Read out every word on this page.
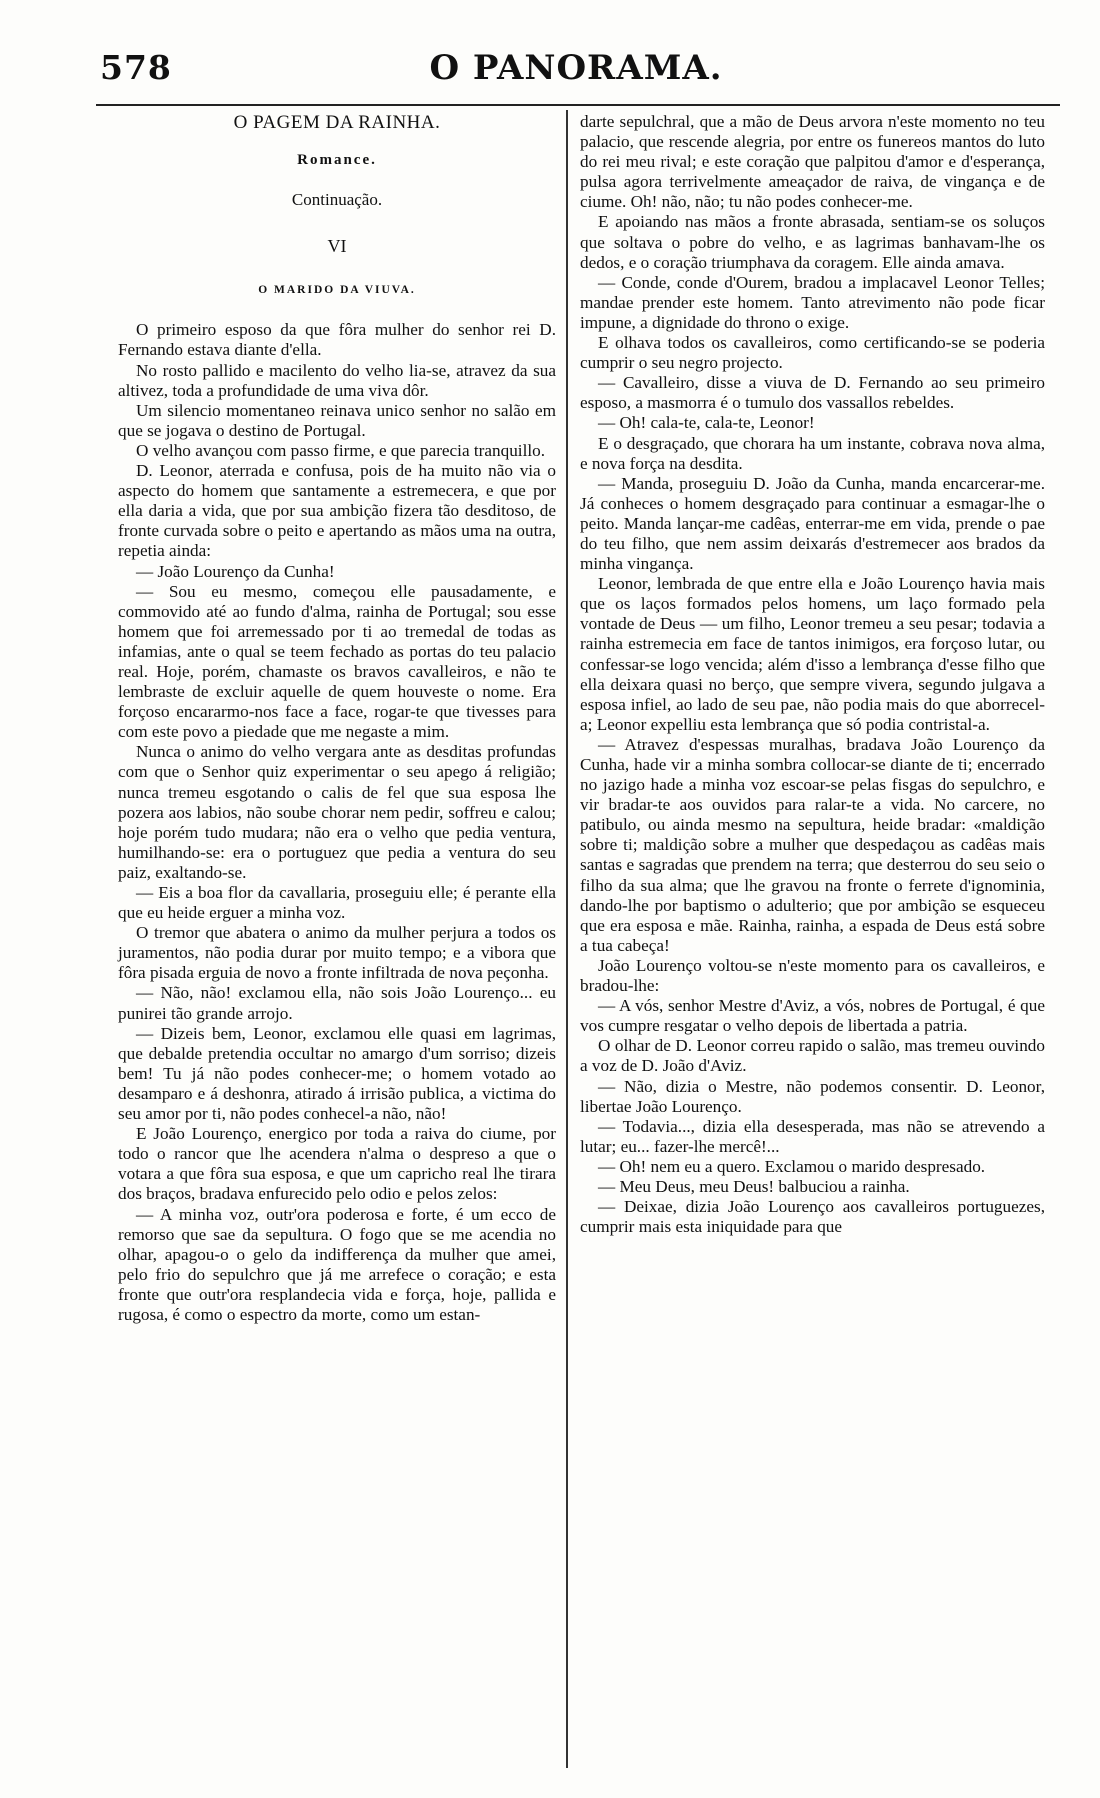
578	O PANORAMA.
O PAGEM DA RAINHA.
Romance.
Continuação.
VI
O MARIDO DA VIUVA.

O primeiro esposo da que fôra mulher do senhor rei D. Fernando estava diante d'ella.

No rosto pallido e macilento do velho lia-se, atravez da sua altivez, toda a profundidade de uma viva dôr.

Um silencio momentaneo reinava unico senhor no salão em que se jogava o destino de Portugal.

O velho avançou com passo firme, e que parecia tranquillo.

D. Leonor, aterrada e confusa, pois de ha muito não via o aspecto do homem que santamente a estremecera, e que por ella daria a vida, que por sua ambição fizera tão desditoso, de fronte curvada sobre o peito e apertando as mãos uma na outra, repetia ainda:

— João Lourenço da Cunha!

— Sou eu mesmo, começou elle pausadamente, e commovido até ao fundo d'alma, rainha de Portugal; sou esse homem que foi arremessado por ti ao tremedal de todas as infamias, ante o qual se teem fechado as portas do teu palacio real. Hoje, porém, chamaste os bravos cavalleiros, e não te lembraste de excluir aquelle de quem houveste o nome. Era forçoso encararmo-nos face a face, rogar-te que tivesses para com este povo a piedade que me negaste a mim.

Nunca o animo do velho vergara ante as desditas profundas com que o Senhor quiz experimentar o seu apego á religião; nunca tremeu esgotando o calis de fel que sua esposa lhe pozera aos labios, não soube chorar nem pedir, soffreu e calou; hoje porém tudo mudara; não era o velho que pedia ventura, humilhando-se: era o portuguez que pedia a ventura do seu paiz, exaltando-se.

— Eis a boa flor da cavallaria, proseguiu elle; é perante ella que eu heide erguer a minha voz.

O tremor que abatera o animo da mulher perjura a todos os juramentos, não podia durar por muito tempo; e a vibora que fôra pisada erguia de novo a fronte infiltrada de nova peçonha.

— Não, não! exclamou ella, não sois João Lourenço... eu punirei tão grande arrojo.

— Dizeis bem, Leonor, exclamou elle quasi em lagrimas, que debalde pretendia occultar no amargo d'um sorriso; dizeis bem! Tu já não podes conhecer-me; o homem votado ao desamparo e á deshonra, atirado á irrisão publica, a victima do seu amor por ti, não podes conhecel-a não, não!

E João Lourenço, energico por toda a raiva do ciume, por todo o rancor que lhe acendera n'alma o despreso a que o votara a que fôra sua esposa, e que um capricho real lhe tirara dos braços, bradava enfurecido pelo odio e pelos zelos:

— A minha voz, outr'ora poderosa e forte, é um ecco de remorso que sae da sepultura. O fogo que se me acendia no olhar, apagou-o o gelo da indifferença da mulher que amei, pelo frio do sepulchro que já me arrefece o coração; e esta fronte que outr'ora resplandecia vida e força, hoje, pallida e rugosa, é como o espectro da morte, como um estan-

darte sepulchral, que a mão de Deus arvora n'este momento no teu palacio, que rescende alegria, por entre os funereos mantos do luto do rei meu rival; e este coração que palpitou d'amor e d'esperança, pulsa agora terrivelmente ameaçador de raiva, de vingança e de ciume. Oh! não, não; tu não podes conhecer-me.

E apoiando nas mãos a fronte abrasada, sentiam-se os soluços que soltava o pobre do velho, e as lagrimas banhavam-lhe os dedos, e o coração triumphava da coragem. Elle ainda amava.

— Conde, conde d'Ourem, bradou a implacavel Leonor Telles; mandae prender este homem. Tanto atrevimento não pode ficar impune, a dignidade do throno o exige.

E olhava todos os cavalleiros, como certificando-se se poderia cumprir o seu negro projecto.

— Cavalleiro, disse a viuva de D. Fernando ao seu primeiro esposo, a masmorra é o tumulo dos vassallos rebeldes.

— Oh! cala-te, cala-te, Leonor!

E o desgraçado, que chorara ha um instante, cobrava nova alma, e nova força na desdita.

— Manda, proseguiu D. João da Cunha, manda encarcerar-me. Já conheces o homem desgraçado para continuar a esmagar-lhe o peito. Manda lançar-me cadêas, enterrar-me em vida, prende o pae do teu filho, que nem assim deixarás d'estremecer aos brados da minha vingança.

Leonor, lembrada de que entre ella e João Lourenço havia mais que os laços formados pelos homens, um laço formado pela vontade de Deus — um filho, Leonor tremeu a seu pesar; todavia a rainha estremecia em face de tantos inimigos, era forçoso lutar, ou confessar-se logo vencida; além d'isso a lembrança d'esse filho que ella deixara quasi no berço, que sempre vivera, segundo julgava a esposa infiel, ao lado de seu pae, não podia mais do que aborrecel-a; Leonor expelliu esta lembrança que só podia contristal-a.

— Atravez d'espessas muralhas, bradava João Lourenço da Cunha, hade vir a minha sombra collocar-se diante de ti; encerrado no jazigo hade a minha voz escoar-se pelas fisgas do sepulchro, e vir bradar-te aos ouvidos para ralar-te a vida. No carcere, no patibulo, ou ainda mesmo na sepultura, heide bradar: «maldição sobre ti; maldição sobre a mulher que despedaçou as cadêas mais santas e sagradas que prendem na terra; que desterrou do seu seio o filho da sua alma; que lhe gravou na fronte o ferrete d'ignominia, dando-lhe por baptismo o adulterio; que por ambição se esqueceu que era esposa e mãe. Rainha, rainha, a espada de Deus está sobre a tua cabeça!

João Lourenço voltou-se n'este momento para os cavalleiros, e bradou-lhe:

— A vós, senhor Mestre d'Aviz, a vós, nobres de Portugal, é que vos cumpre resgatar o velho depois de libertada a patria.

O olhar de D. Leonor correu rapido o salão, mas tremeu ouvindo a voz de D. João d'Aviz.

— Não, dizia o Mestre, não podemos consentir. D. Leonor, libertae João Lourenço.

— Todavia..., dizia ella desesperada, mas não se atrevendo a lutar; eu... fazer-lhe mercê!...

— Oh! nem eu a quero. Exclamou o marido despresado.

— Meu Deus, meu Deus! balbuciou a rainha.

— Deixae, dizia João Lourenço aos cavalleiros portuguezes, cumprir mais esta iniquidade para que
